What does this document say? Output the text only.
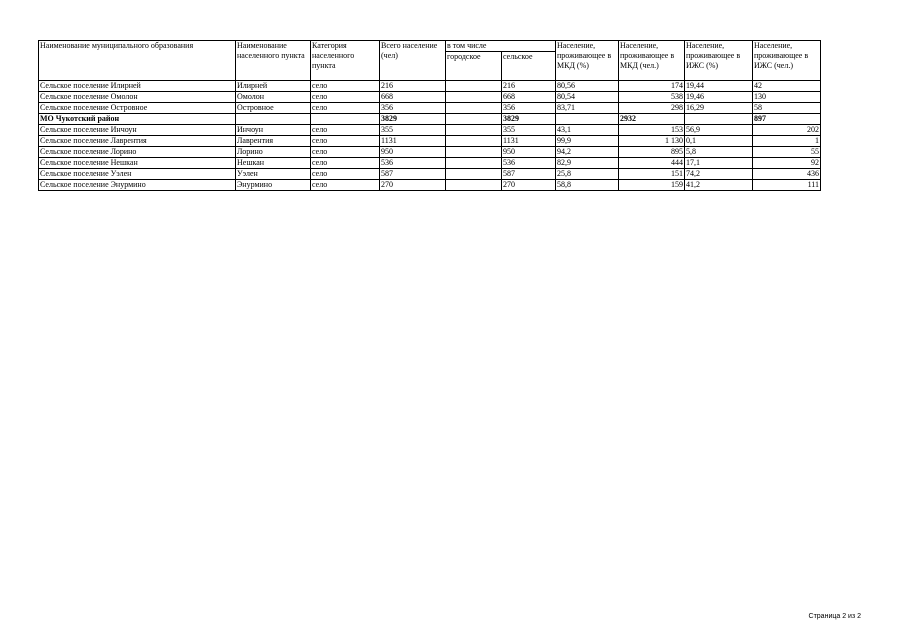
Наименование муниципального образования	Наименование населенного пункта	Категория населенного пункта	Всего население (чел)	в том числе		Население, проживающее в МКД (%)	Население, проживающее в МКД (чел.)	Население, проживающее в ИЖС (%)	Население, проживающее в ИЖС (чел.)
				городское	сельское				
Сельское поселение Илирней	Илирней	село	216		216	80,56	174	19,44	42
Сельское поселение Омолон	Омолон	село	668		668	80,54	538	19,46	130
Сельское поселение Островное	Островное	село	356		356	83,71	298	16,29	58
МО Чукотский район			3829		3829		2932		897
Сельское поселение Инчоун	Инчоун	село	355		355	43,1	153	56,9	202
Сельское поселение Лаврентия	Лаврентия	село	1131		1131	99,9	1 130	0,1	1
Сельское поселение Лорино	Лорино	село	950		950	94,2	895	5,8	55
Сельское поселение Нешкан	Нешкан	село	536		536	82,9	444	17,1	92
Сельское поселение Уэлен	Уэлен	село	587		587	25,8	151	74,2	436
Сельское поселение Энурмино	Энурмино	село	270		270	58,8	159	41,2	111
Страница 2 из 2
